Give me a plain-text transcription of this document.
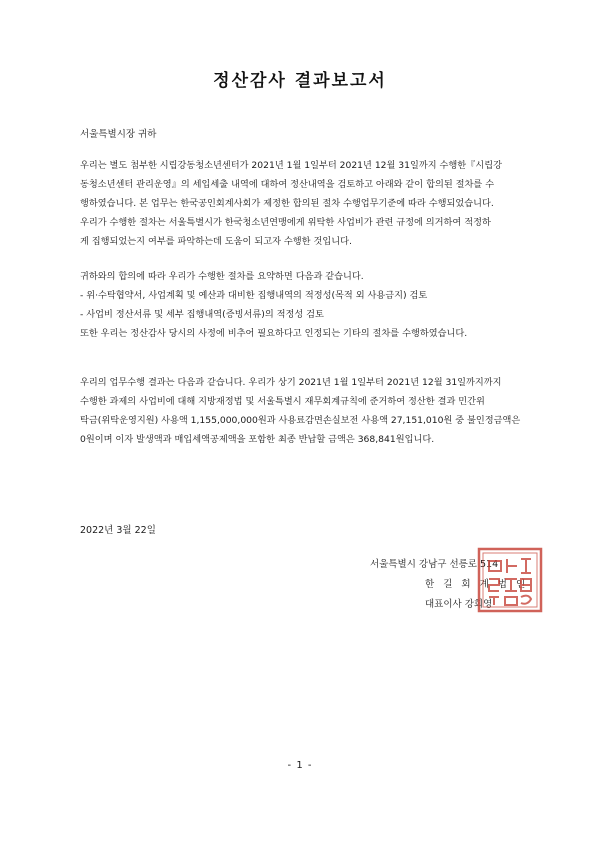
정산감사 결과보고서
서울특별시장 귀하
우리는 별도 첨부한 시립강동청소년센터가 2021년 1월 1일부터 2021년 12월 31일까지 수행한『시립강
동청소년센터 관리운영』의 세입세출 내역에 대하여 정산내역을 검토하고 아래와 같이 합의된 절차를 수
행하였습니다. 본 업무는 한국공인회계사회가 제정한 합의된 절차 수행업무기준에 따라 수행되었습니다.
우리가 수행한 절차는 서울특별시가 한국청소년연맹에게 위탁한 사업비가 관련 규정에 의거하여 적정하
게 집행되었는지 여부를 파악하는데 도움이 되고자 수행한 것입니다.
귀하와의 합의에 따라 우리가 수행한 절차를 요약하면 다음과 같습니다.
- 위·수탁협약서, 사업계획 및 예산과 대비한 집행내역의 적정성(목적 외 사용금지) 검토
- 사업비 정산서류 및 세부 집행내역(증빙서류)의 적정성 검토
또한 우리는 정산감사 당시의 사정에 비추어 필요하다고 인정되는 기타의 절차를 수행하였습니다.
우리의 업무수행 결과는 다음과 같습니다. 우리가 상기 2021년 1월 1일부터 2021년 12월 31일까지까지
수행한 과제의 사업비에 대해 지방재정법 및 서울특별시 재무회계규칙에 준거하여 정산한 결과 민간위
탁금(위탁운영지원) 사용액 1,155,000,000원과 사용료감면손실보전 사용액 27,151,010원 중 불인정금액은
0원이며 이자 발생액과 매입세액공제액을 포함한 최종 반납할 금액은 368,841원입니다.
2022년 3월 22일
서울특별시 강남구 선릉로 514
한 길 회 계 법 인
대표이사 강희영
- 1 -
